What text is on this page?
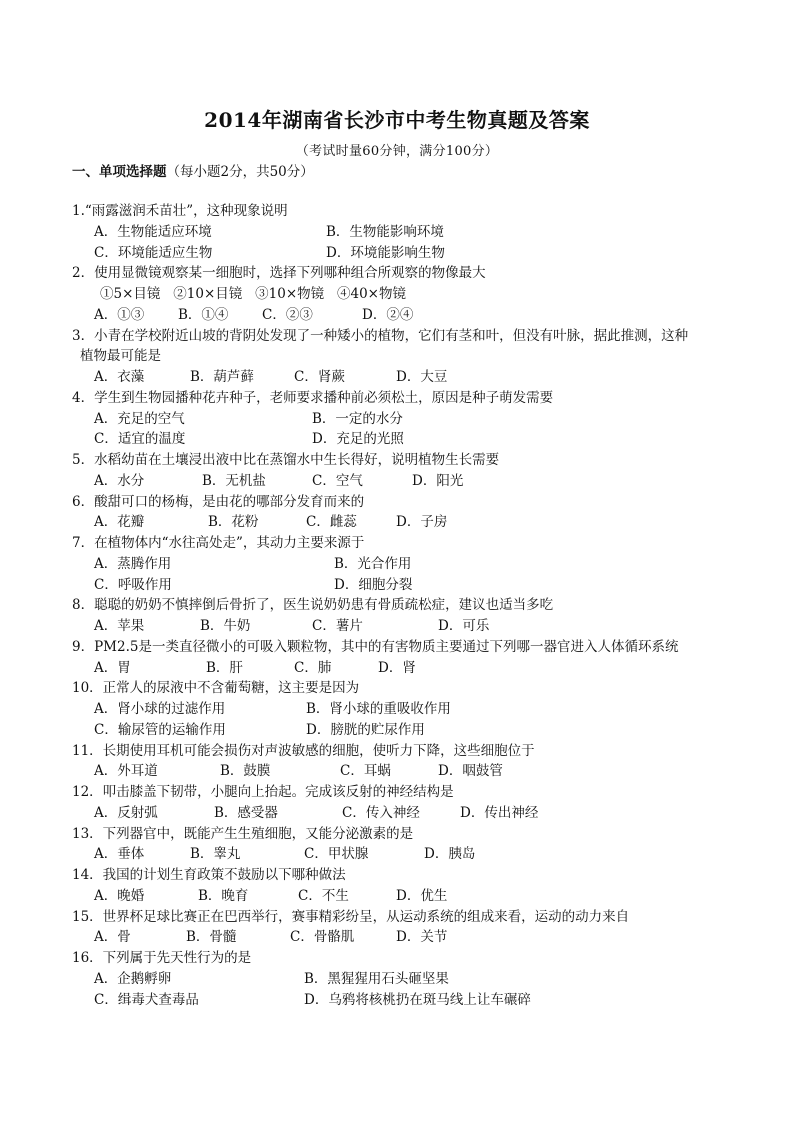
2014年湖南省长沙市中考生物真题及答案
（考试时量60分钟，满分100分）
一、单项选择题（每小题2分，共50分）
1.“雨露滋润禾苗壮”，这种现象说明
A．生物能适应环境	B．生物能影响环境
C．环境能适应生物	D．环境能影响生物
2．使用显微镜观察某一细胞时，选择下列哪种组合所观察的物像最大
①5×目镜   ②10×目镜   ③10×物镜   ④40×物镜
A．①③	B．①④ C．②③	D．②④
3．小青在学校附近山坡的背阴处发现了一种矮小的植物，它们有茎和叶，但没有叶脉，据此推测，这种
植物最可能是
A．衣藻	B．葫芦藓	C．肾蕨	D．大豆
4．学生到生物园播种花卉种子，老师要求播种前必须松土，原因是种子萌发需要
A．充足的空气	B．一定的水分
C．适宜的温度	D．充足的光照
5．水稻幼苗在土壤浸出液中比在蒸馏水中生长得好，说明植物生长需要
A．水分	B．无机盐	C．空气	D．阳光
6．酸甜可口的杨梅，是由花的哪部分发育而来的
A．花瓣	B．花粉	C．雌蕊	D．子房
7．在植物体内“水往高处走”，其动力主要来源于
A．蒸腾作用	B．光合作用
C．呼吸作用	D．细胞分裂
8．聪聪的奶奶不慎摔倒后骨折了，医生说奶奶患有骨质疏松症，建议也适当多吃
A．苹果	B．牛奶	C．薯片	D．可乐
9．PM2.5是一类直径微小的可吸入颗粒物，其中的有害物质主要通过下列哪一器官进入人体循环系统
A．胃	B．肝	C．肺	D．肾
10．正常人的尿液中不含葡萄糖，这主要是因为
A．肾小球的过滤作用	B．肾小球的重吸收作用
C．输尿管的运输作用	D．膀胱的贮尿作用
11．长期使用耳机可能会损伤对声波敏感的细胞，使听力下降，这些细胞位于
A．外耳道	B．鼓膜	C．耳蜗	D．咽鼓管
12．叩击膝盖下韧带，小腿向上抬起。完成该反射的神经结构是
A．反射弧	B．感受器	C．传入神经	D．传出神经
13．下列器官中，既能产生生殖细胞，又能分泌激素的是
A．垂体	B．睾丸	C．甲状腺	D．胰岛
14．我国的计划生育政策不鼓励以下哪种做法
A．晚婚	B．晚育	C．不生	D．优生
15．世界杯足球比赛正在巴西举行，赛事精彩纷呈，从运动系统的组成来看，运动的动力来自
A．骨	B．骨髓	C．骨骼肌	D．关节
16．下列属于先天性行为的是
A．企鹅孵卵	B．黑猩猩用石头砸坚果
C．缉毒犬查毒品	D．乌鸦将核桃扔在斑马线上让车碾碎
